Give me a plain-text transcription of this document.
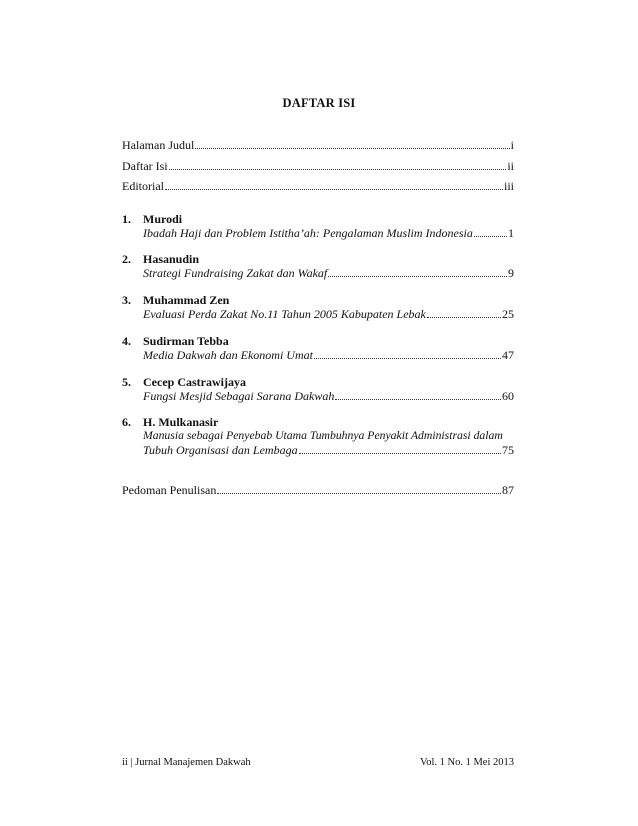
DAFTAR ISI
Halaman Judul	i
Daftar Isi	ii
Editorial	iii
1.	Murodi
Ibadah Haji dan Problem Istitha’ah: Pengalaman Muslim Indonesia	1
2.	Hasanudin
Strategi Fundraising Zakat dan Wakaf	9
3.	Muhammad Zen
Evaluasi Perda Zakat No.11 Tahun 2005 Kabupaten Lebak	25
4.	Sudirman Tebba
Media Dakwah dan Ekonomi Umat	47
5.	Cecep Castrawijaya
Fungsi Mesjid Sebagai Sarana Dakwah	60
6.	H. Mulkanasir
Manusia sebagai Penyebab Utama Tumbuhnya Penyakit Administrasi dalam
Tubuh Organisasi dan Lembaga	75
Pedoman Penulisan	87
ii | Jurnal Manajemen Dakwah	Vol. 1 No. 1 Mei 2013
